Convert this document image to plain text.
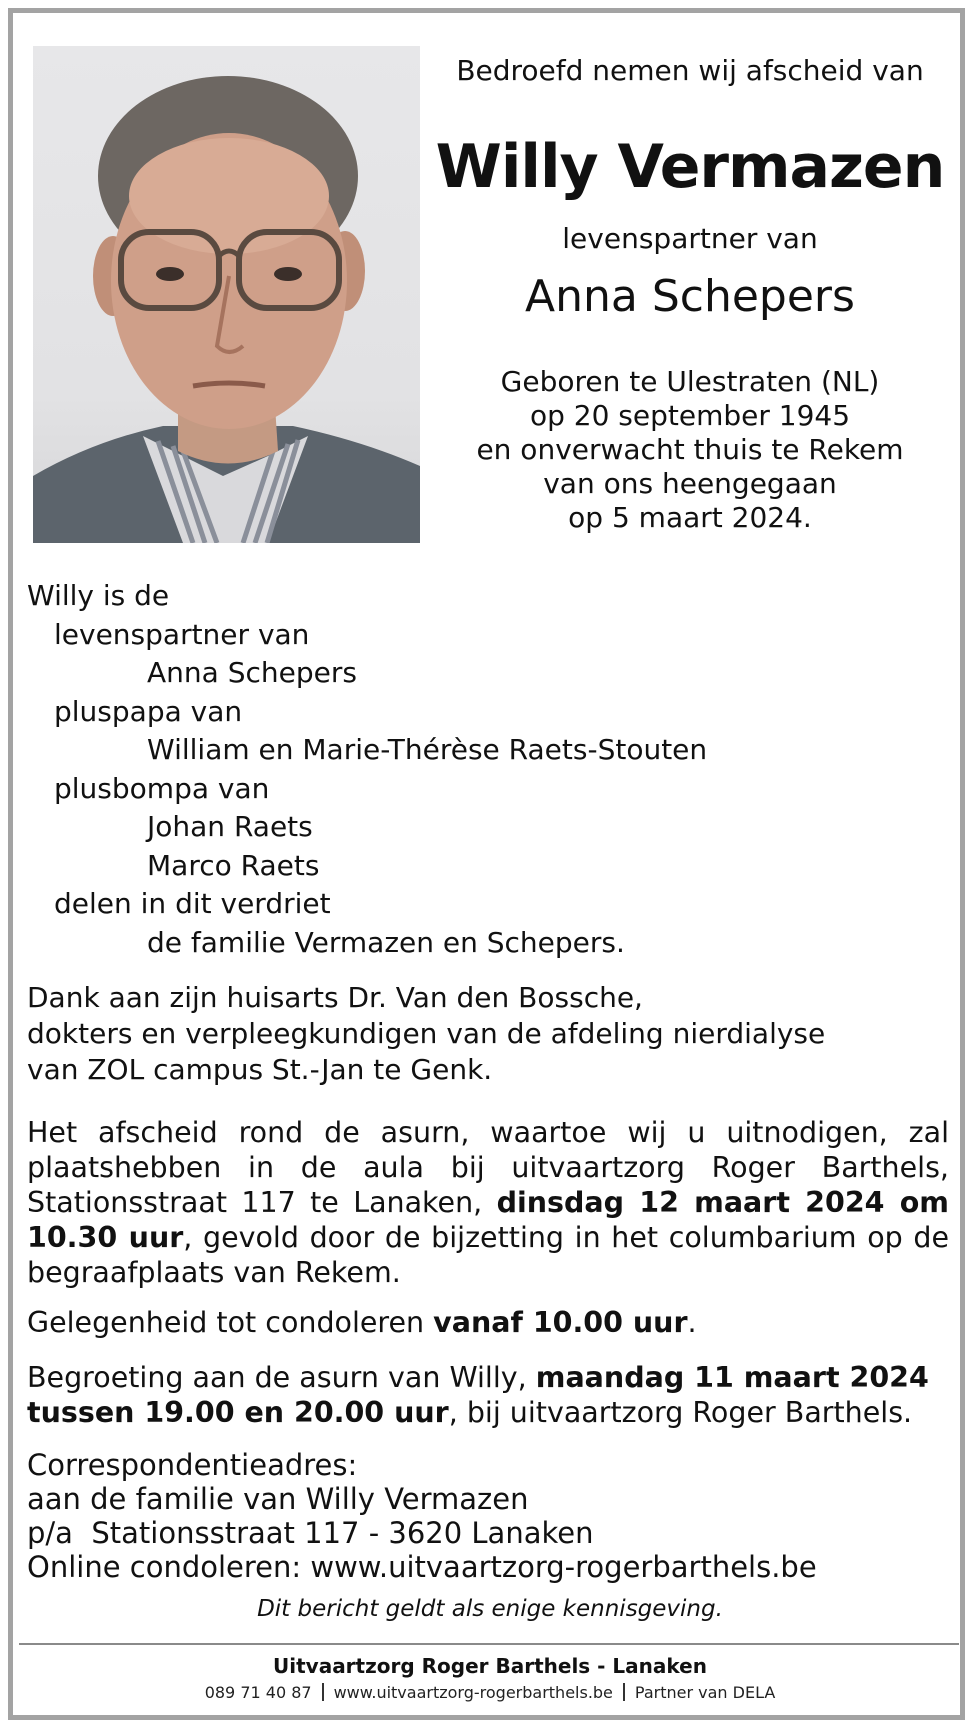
Bedroefd nemen wij afscheid van
Willy Vermazen
levenspartner van
Anna Schepers
Geboren te Ulestraten (NL)
op 20 september 1945
en onverwacht thuis te Rekem
van ons heengegaan
op 5 maart 2024.
Willy is de
levenspartner van
Anna Schepers
pluspapa van
William en Marie-Thérèse Raets-Stouten
plusbompa van
Johan Raets
Marco Raets
delen in dit verdriet
de familie Vermazen en Schepers.
Dank aan zijn huisarts Dr. Van den Bossche,
dokters en verpleegkundigen van de afdeling nierdialyse
van ZOL campus St.-Jan te Genk.
Het afscheid rond de asurn, waartoe wij u uitnodigen, zal plaatshebben in de aula bij uitvaartzorg Roger Barthels, Stationsstraat 117 te Lanaken, dinsdag 12 maart 2024 om 10.30 uur, gevold door de bijzetting in het columbarium op de begraafplaats van Rekem.
Gelegenheid tot condoleren vanaf 10.00 uur.
Begroeting aan de asurn van Willy, maandag 11 maart 2024 tussen 19.00 en 20.00 uur, bij uitvaartzorg Roger Barthels.
Correspondentieadres:
aan de familie van Willy Vermazen
p/a  Stationsstraat 117 - 3620 Lanaken
Online condoleren: www.uitvaartzorg-rogerbarthels.be
Dit bericht geldt als enige kennisgeving.
Uitvaartzorg Roger Barthels - Lanaken
089 71 40 87 www.uitvaartzorg-rogerbarthels.be Partner van DELA
